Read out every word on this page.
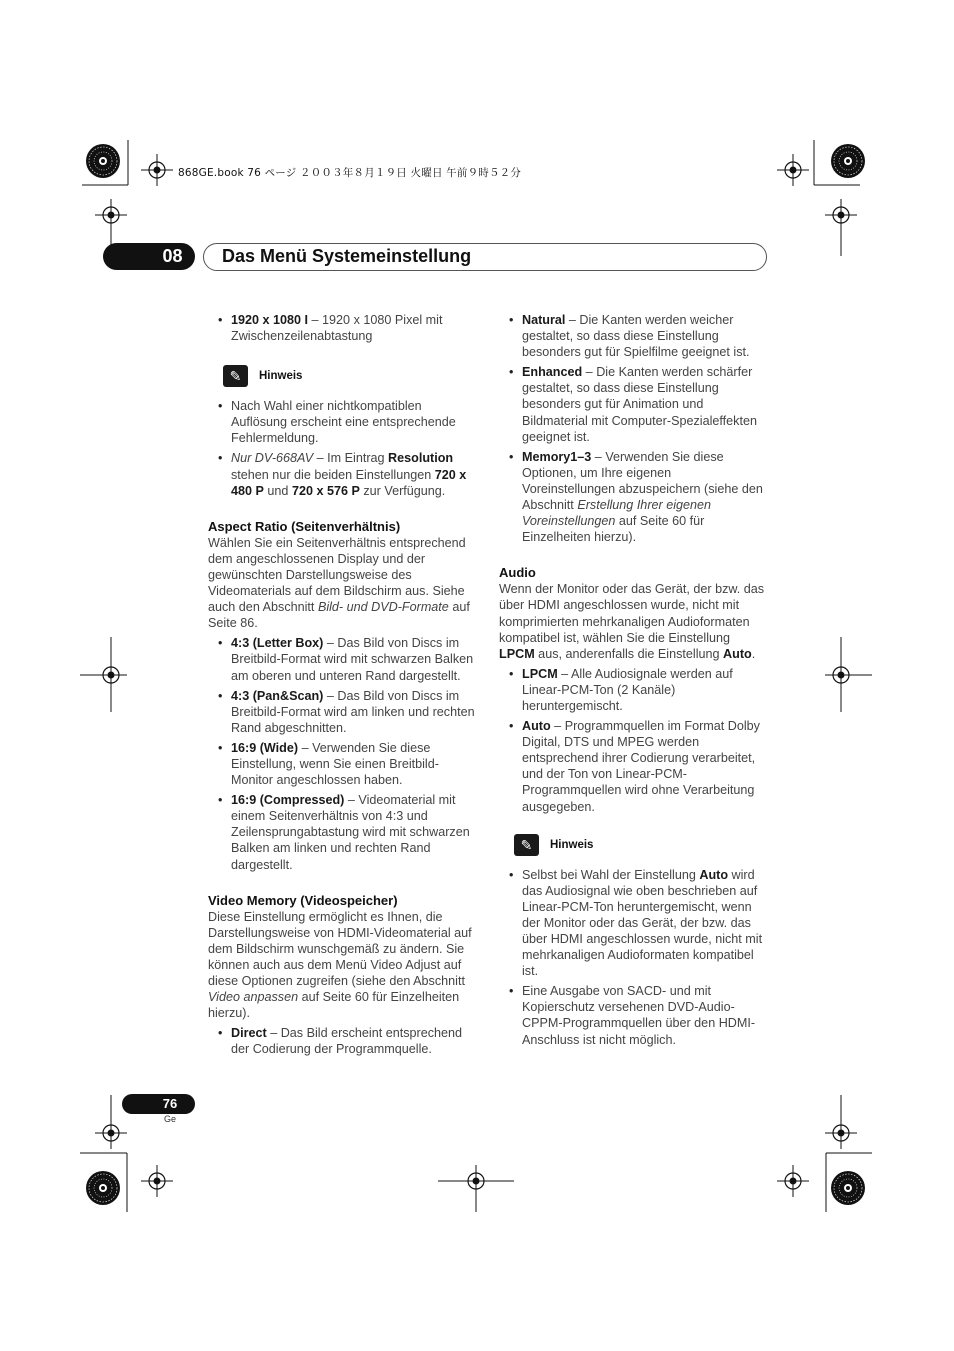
868GE.book 76 ページ ２００３年８月１９日 火曜日 午前９時５２分
08	Das Menü Systemeinstellung

• 1920 x 1080 I – 1920 x 1080 Pixel mit Zwischenzeilenabtastung

✎	Hinweis

• Nach Wahl einer nichtkompatiblen Auflösung erscheint eine entsprechende Fehlermeldung.

• Nur DV-668AV – Im Eintrag Resolution stehen nur die beiden Einstellungen 720 x 480 P und 720 x 576 P zur Verfügung.

Aspect Ratio (Seitenverhältnis)

Wählen Sie ein Seitenverhältnis entsprechend dem angeschlossenen Display und der gewünschten Darstellungsweise des Videomaterials auf dem Bildschirm aus. Siehe auch den Abschnitt Bild- und DVD-Formate auf Seite 86.

• 4:3 (Letter Box) – Das Bild von Discs im Breitbild-Format wird mit schwarzen Balken am oberen und unteren Rand dargestellt.

• 4:3 (Pan&Scan) – Das Bild von Discs im Breitbild-Format wird am linken und rechten Rand abgeschnitten.

• 16:9 (Wide) – Verwenden Sie diese Einstellung, wenn Sie einen Breitbild-Monitor angeschlossen haben.

• 16:9 (Compressed) – Videomaterial mit einem Seitenverhältnis von 4:3 und Zeilensprungabtastung wird mit schwarzen Balken am linken und rechten Rand dargestellt.

Video Memory (Videospeicher)

Diese Einstellung ermöglicht es Ihnen, die Darstellungsweise von HDMI-Videomaterial auf dem Bildschirm wunschgemäß zu ändern. Sie können auch aus dem Menü Video Adjust auf diese Optionen zugreifen (siehe den Abschnitt Video anpassen auf Seite 60 für Einzelheiten hierzu).

• Direct – Das Bild erscheint entsprechend der Codierung der Programmquelle.

• Natural – Die Kanten werden weicher gestaltet, so dass diese Einstellung besonders gut für Spielfilme geeignet ist.

• Enhanced – Die Kanten werden schärfer gestaltet, so dass diese Einstellung besonders gut für Animation und Bildmaterial mit Computer-Spezialeffekten geeignet ist.

• Memory1–3 – Verwenden Sie diese Optionen, um Ihre eigenen Voreinstellungen abzuspeichern (siehe den Abschnitt Erstellung Ihrer eigenen Voreinstellungen auf Seite 60 für Einzelheiten hierzu).

Audio

Wenn der Monitor oder das Gerät, der bzw. das über HDMI angeschlossen wurde, nicht mit komprimierten mehrkanaligen Audioformaten kompatibel ist, wählen Sie die Einstellung LPCM aus, anderenfalls die Einstellung Auto.

• LPCM – Alle Audiosignale werden auf Linear-PCM-Ton (2 Kanäle) heruntergemischt.

• Auto – Programmquellen im Format Dolby Digital, DTS und MPEG werden entsprechend ihrer Codierung verarbeitet, und der Ton von Linear-PCM-Programmquellen wird ohne Verarbeitung ausgegeben.

✎	Hinweis

• Selbst bei Wahl der Einstellung Auto wird das Audiosignal wie oben beschrieben auf Linear-PCM-Ton heruntergemischt, wenn der Monitor oder das Gerät, der bzw. das über HDMI angeschlossen wurde, nicht mit mehrkanaligen Audioformaten kompatibel ist.

• Eine Ausgabe von SACD- und mit Kopierschutz versehenen DVD-Audio-CPPM-Programmquellen über den HDMI-Anschluss ist nicht möglich.

76
Ge
